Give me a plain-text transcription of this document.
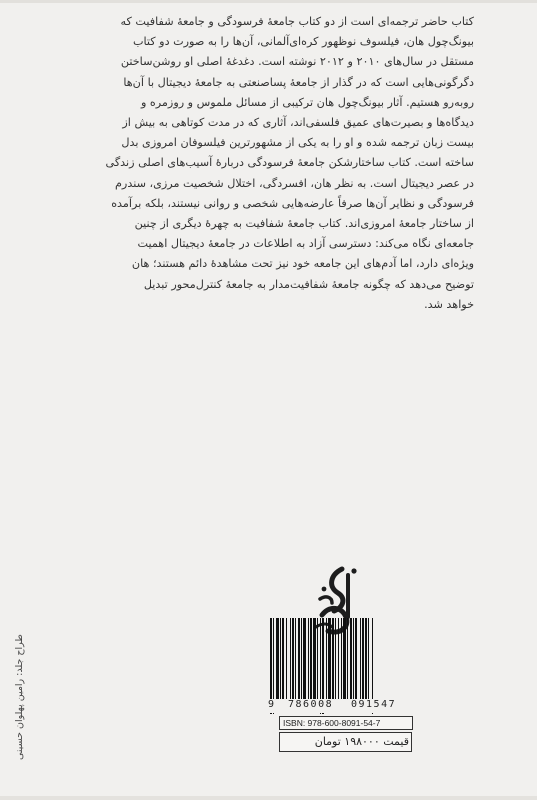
کتاب حاضر ترجمه‌ای است از دو کتاب جامعهٔ فرسودگی و جامعهٔ شفافیت که
بیونگ‌چول هان، فیلسوف نوظهور کره‌ای‌آلمانی، آن‌ها را به صورت دو کتاب
مستقل در سال‌های ۲۰۱۰ و ۲۰۱۲ نوشته است. دغدغهٔ اصلی او روشن‌ساختن
دگرگونی‌هایی است که در گذار از جامعهٔ پساصنعتی به جامعهٔ دیجیتال با آن‌ها
روبه‌رو هستیم. آثار بیونگ‌چول هان ترکیبی از مسائل ملموس و روزمره و
دیدگاه‌ها و بصیرت‌های عمیق فلسفی‌اند، آثاری که در مدت کوتاهی به بیش از
بیست زبان ترجمه شده و او را به یکی از مشهورترین فیلسوفان امروزی بدل
ساخته است. کتاب ساختارشکن جامعهٔ فرسودگی دربارهٔ آسیب‌های اصلی زندگی
در عصر دیجیتال است. به نظر هان، افسردگی، اختلال شخصیت مرزی، سندرم
فرسودگی و نظایر آن‌ها صرفاً عارضه‌هایی شخصی و روانی نیستند، بلکه برآمده
از ساختار جامعهٔ امروزی‌اند. کتاب جامعهٔ شفافیت به چهرهٔ دیگری از چنین
جامعه‌ای نگاه می‌کند: دسترسی آزاد به اطلاعات در جامعهٔ دیجیتال اهمیت
ویژه‌ای دارد، اما آدم‌های این جامعه خود نیز تحت مشاهدهٔ دائم هستند؛ هان
توضیح می‌دهد که چگونه جامعهٔ شفافیت‌مدار به جامعهٔ کنترل‌محور تبدیل
خواهد شد.
طراح جلد: رامین پهلوان حسینی	9 786008 091547
ISBN: 978-600-8091-54-7
قیمت ۱۹۸۰۰۰ تومان
